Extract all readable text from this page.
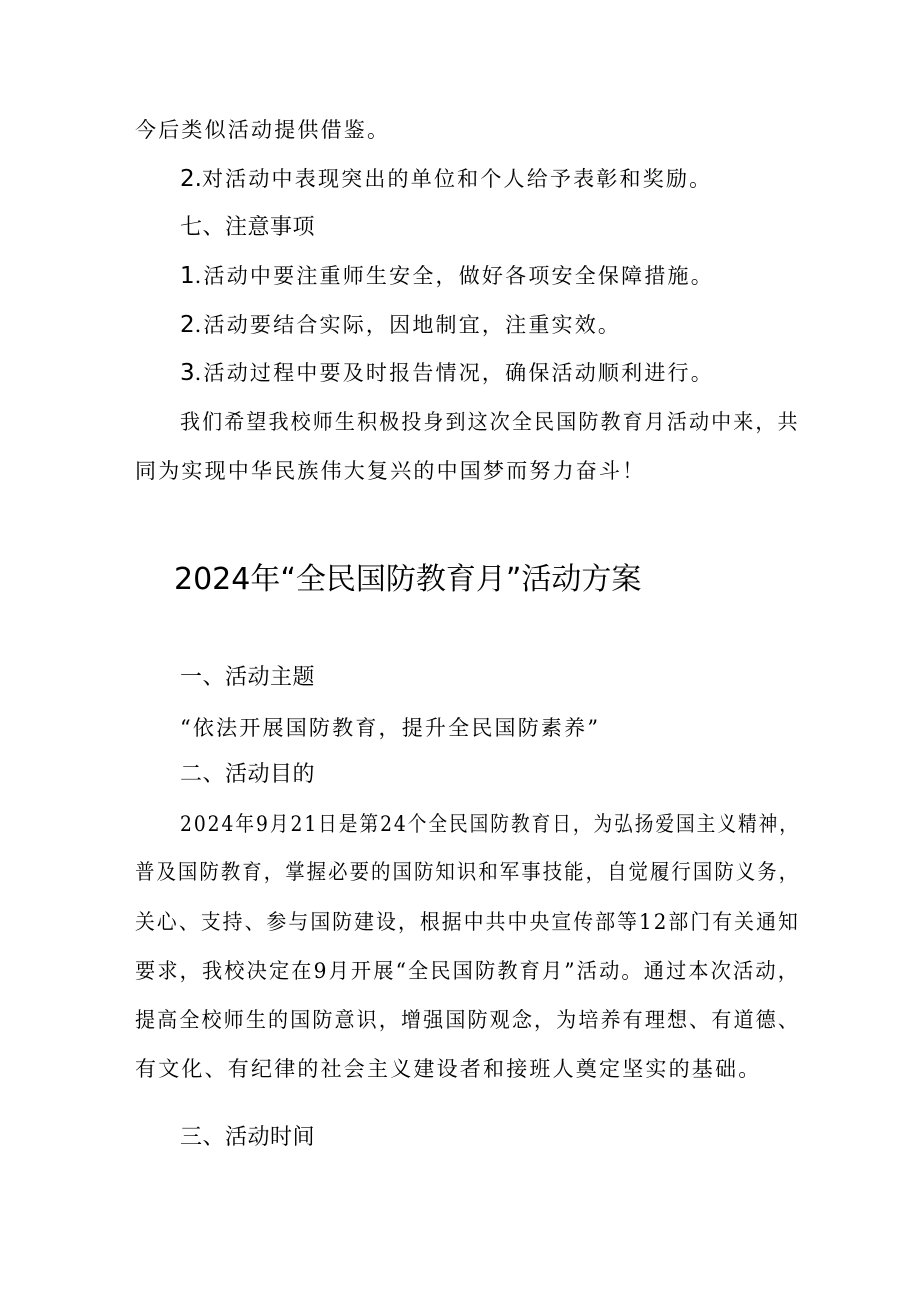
今后类似活动提供借鉴。
2.对活动中表现突出的单位和个人给予表彰和奖励。
七、注意事项
1.活动中要注重师生安全，做好各项安全保障措施。
2.活动要结合实际，因地制宜，注重实效。
3.活动过程中要及时报告情况，确保活动顺利进行。
我们希望我校师生积极投身到这次全民国防教育月活动中来，共
同为实现中华民族伟大复兴的中国梦而努力奋斗！
2024年“全民国防教育月”活动方案
一、活动主题
“依法开展国防教育，提升全民国防素养”
二、活动目的
2024年9月21日是第24个全民国防教育日，为弘扬爱国主义精神，
普及国防教育，掌握必要的国防知识和军事技能，自觉履行国防义务，
关心、支持、参与国防建设，根据中共中央宣传部等12部门有关通知
要求，我校决定在9月开展“全民国防教育月”活动。通过本次活动，
提高全校师生的国防意识，增强国防观念，为培养有理想、有道德、
有文化、有纪律的社会主义建设者和接班人奠定坚实的基础。
三、活动时间
